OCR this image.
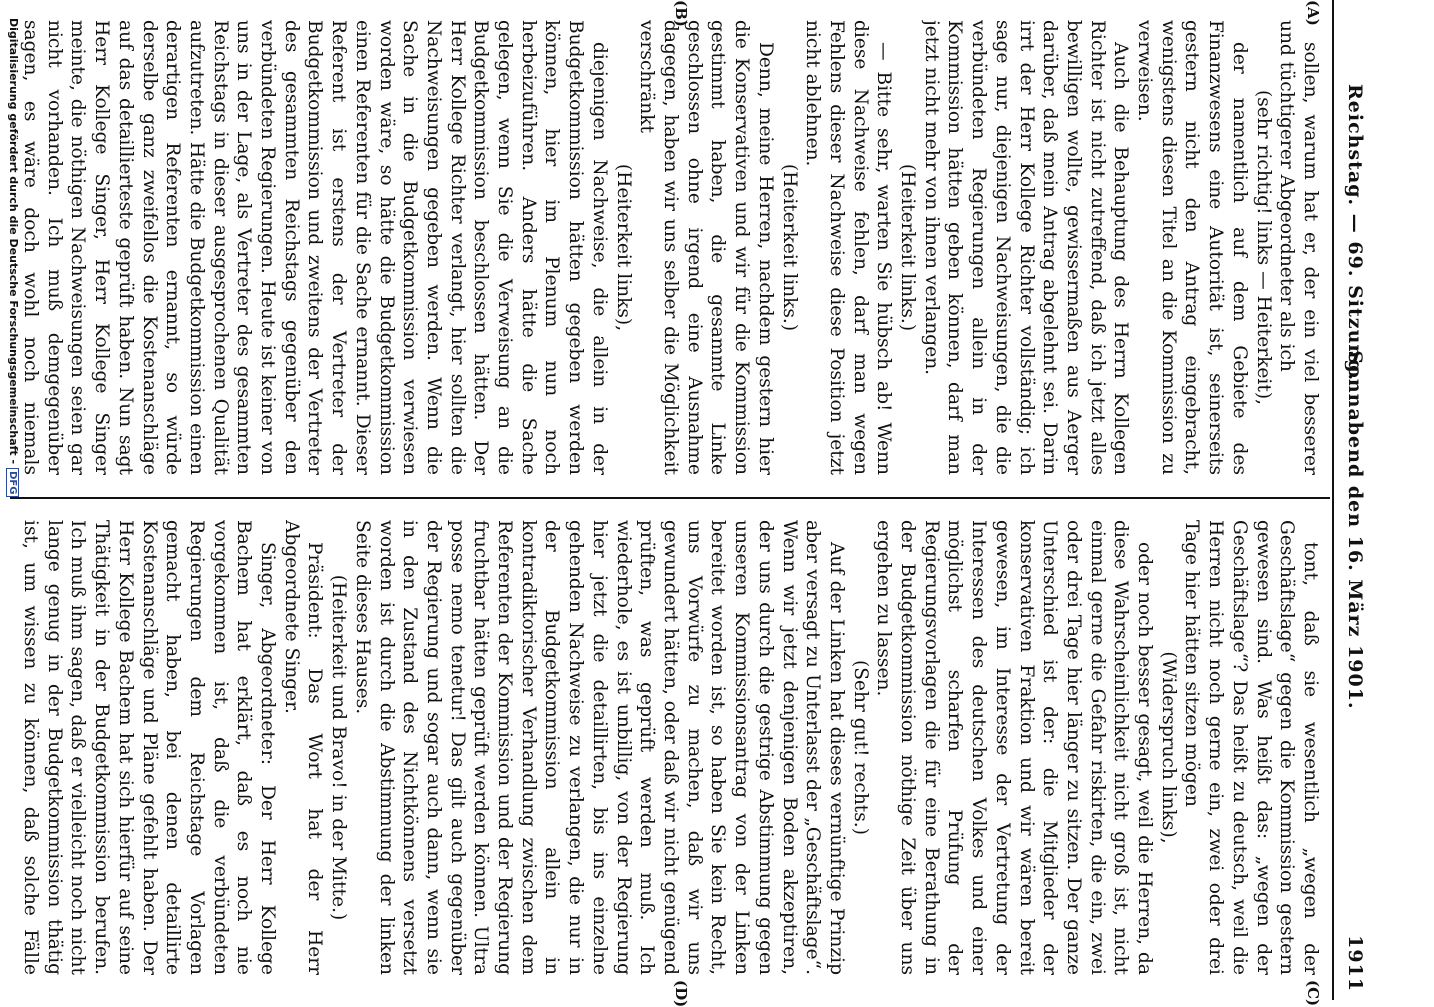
Reichstag. — 69. Sitzung.
Sonnabend den 16. März 1901.
1911
(A)
(B)
(C)
(D)

sollen, warum hat er, der ein viel besserer und tüchtigerer Abgeordneter als ich

(sehr richtig! links — Heiterkeit),

der namentlich auf dem Gebiete des Finanzwesens eine Autorität ist, seinerseits gestern nicht den Antrag eingebracht, wenigstens diesen Titel an die Kommission zu verweisen.

Auch die Behauptung des Herrn Kollegen Richter ist nicht zutreffend, daß ich jetzt alles bewilligen wollte, gewissermaßen aus Aerger darüber, daß mein Antrag abgelehnt sei. Darin irrt der Herr Kollege Richter vollständig; ich sage nur, diejenigen Nachweisungen, die die verbündeten Regierungen allein in der Kommission hätten geben können, darf man jetzt nicht mehr von ihnen verlangen.

(Heiterkeit links.)

— Bitte sehr, warten Sie hübsch ab! Wenn diese Nachweise fehlen, darf man wegen Fehlens dieser Nachweise diese Position jetzt nicht ablehnen.

(Heiterkeit links.)

Denn, meine Herren, nachdem gestern hier die Konservativen und wir für die Kommission gestimmt haben, die gesammte Linke geschlossen ohne irgend eine Ausnahme dagegen, haben wir uns selber die Möglichkeit verschränkt

(Heiterkeit links),

diejenigen Nachweise, die allein in der Budgetkommission hätten gegeben werden können, hier im Plenum nun noch herbeizuführen. Anders hätte die Sache gelegen, wenn Sie die Verweisung an die Budgetkommission beschlossen hätten. Der Herr Kollege Richter verlangt, hier sollten die Nachweisungen gegeben werden. Wenn die Sache in die Budgetkommission verwiesen worden wäre, so hätte die Budgetkommission einen Referenten für die Sache ernannt. Dieser Referent ist erstens der Vertreter der Budgetkommission und zweitens der Vertreter des gesammten Reichstags gegenüber den verbündeten Regierungen. Heute ist keiner von uns in der Lage, als Vertreter des gesammten Reichstags in dieser ausgesprochenen Qualität aufzutreten. Hätte die Budgetkommission einen derartigen Referenten ernannt, so würde derselbe ganz zweifellos die Kostenanschläge auf das detaillierteste geprüft haben. Nun sagt Herr Kollege Singer, Herr Kollege Singer meinte, die nöthigen Nachweisungen seien gar nicht vorhanden. Ich muß demgegenüber sagen, es wäre doch wohl noch niemals

tont, daß sie wesentlich „wegen der Geschäftslage“ gegen die Kommission gestern gewesen sind. Was heißt das: „wegen der Geschäftslage“? Das heißt zu deutsch, weil die Herren nicht noch gerne ein, zwei oder drei Tage hier hätten sitzen mögen

(Widerspruch links),

oder noch besser gesagt, weil die Herren, da diese Wahrscheinlichkeit nicht groß ist, nicht einmal gerne die Gefahr riskirten, die ein, zwei oder drei Tage hier länger zu sitzen. Der ganze Unterschied ist der: die Mitglieder der konservativen Fraktion und wir wären bereit gewesen, im Interesse der Vertretung der Interessen des deutschen Volkes und einer möglichst scharfen Prüfung der Regierungsvorlagen die für eine Berathung in der Budgetkommission nöthige Zeit über uns ergehen zu lassen.

(Sehr gut! rechts.)

Auf der Linken hat dieses vernünftige Prinzip aber versagt zu Unterlasst der „Geschäftslage“. Wenn wir jetzt denjenigen Boden akzeptiren, der uns durch die gestrige Abstimmung gegen unseren Kommissionsantrag von der Linken bereitet worden ist, so haben Sie kein Recht, uns Vorwürfe zu machen, daß wir uns gewundert hätten, oder daß wir nicht genügend prüften, was geprüft werden muß. Ich wiederhole, es ist unbillig, von der Regierung hier jetzt die detaillirten, bis ins einzelne gehenden Nachweise zu verlangen, die nur in der Budgetkommission allein in kontradiktorischer Verhandlung zwischen dem Referenten der Kommission und der Regierung fruchtbar hätten geprüft werden können. Ultra posse nemo tenetur! Das gilt auch gegenüber der Regierung und sogar auch dann, wenn sie in den Zustand des Nichtkönnens versetzt worden ist durch die Abstimmung der linken Seite dieses Hauses.

(Heiterkeit und Bravo! in der Mitte.)

Präsident: Das Wort hat der Herr Abgeordnete Singer.

Singer, Abgeordneter: Der Herr Kollege Bachem hat erklärt, daß es noch nie vorgekommen ist, daß die verbündeten Regierungen dem Reichstage Vorlagen gemacht haben, bei denen detaillirte Kostenanschläge und Pläne gefehlt haben. Der Herr Kollege Bachem hat sich hierfür auf seine Thätigkeit in der Budgetkommission berufen. Ich muß ihm sagen, daß er vielleicht noch nicht lange genug in der Budgetkommission thätig ist, um wissen zu können, daß solche Fälle

Digitalisierung gefördert durch die Deutsche Forschungsgemeinschaft -DFG
